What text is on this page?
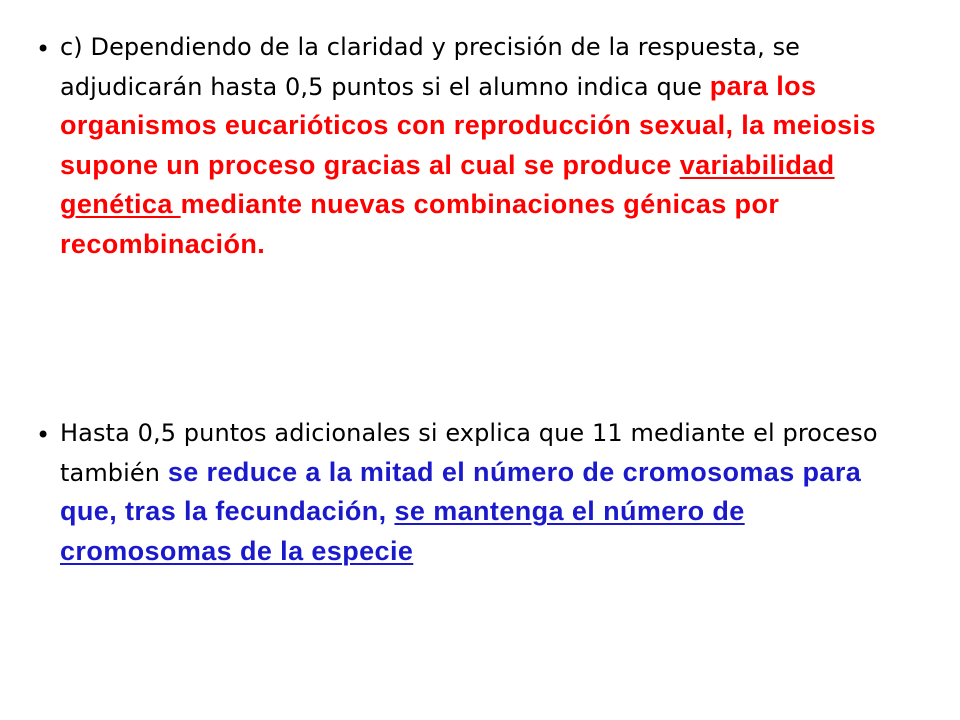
• c) Dependiendo de la claridad y precisión de la respuesta, se adjudicarán hasta 0,5 puntos si el alumno indica que para los organismos eucarióticos con reproducción sexual, la meiosis supone un proceso gracias al cual se produce variabilidad genética mediante nuevas combinaciones génicas por recombinación.
• Hasta 0,5 puntos adicionales si explica que 11 mediante el proceso también se reduce a la mitad el número de cromosomas para que, tras la fecundación, se mantenga el número de cromosomas de la especie
